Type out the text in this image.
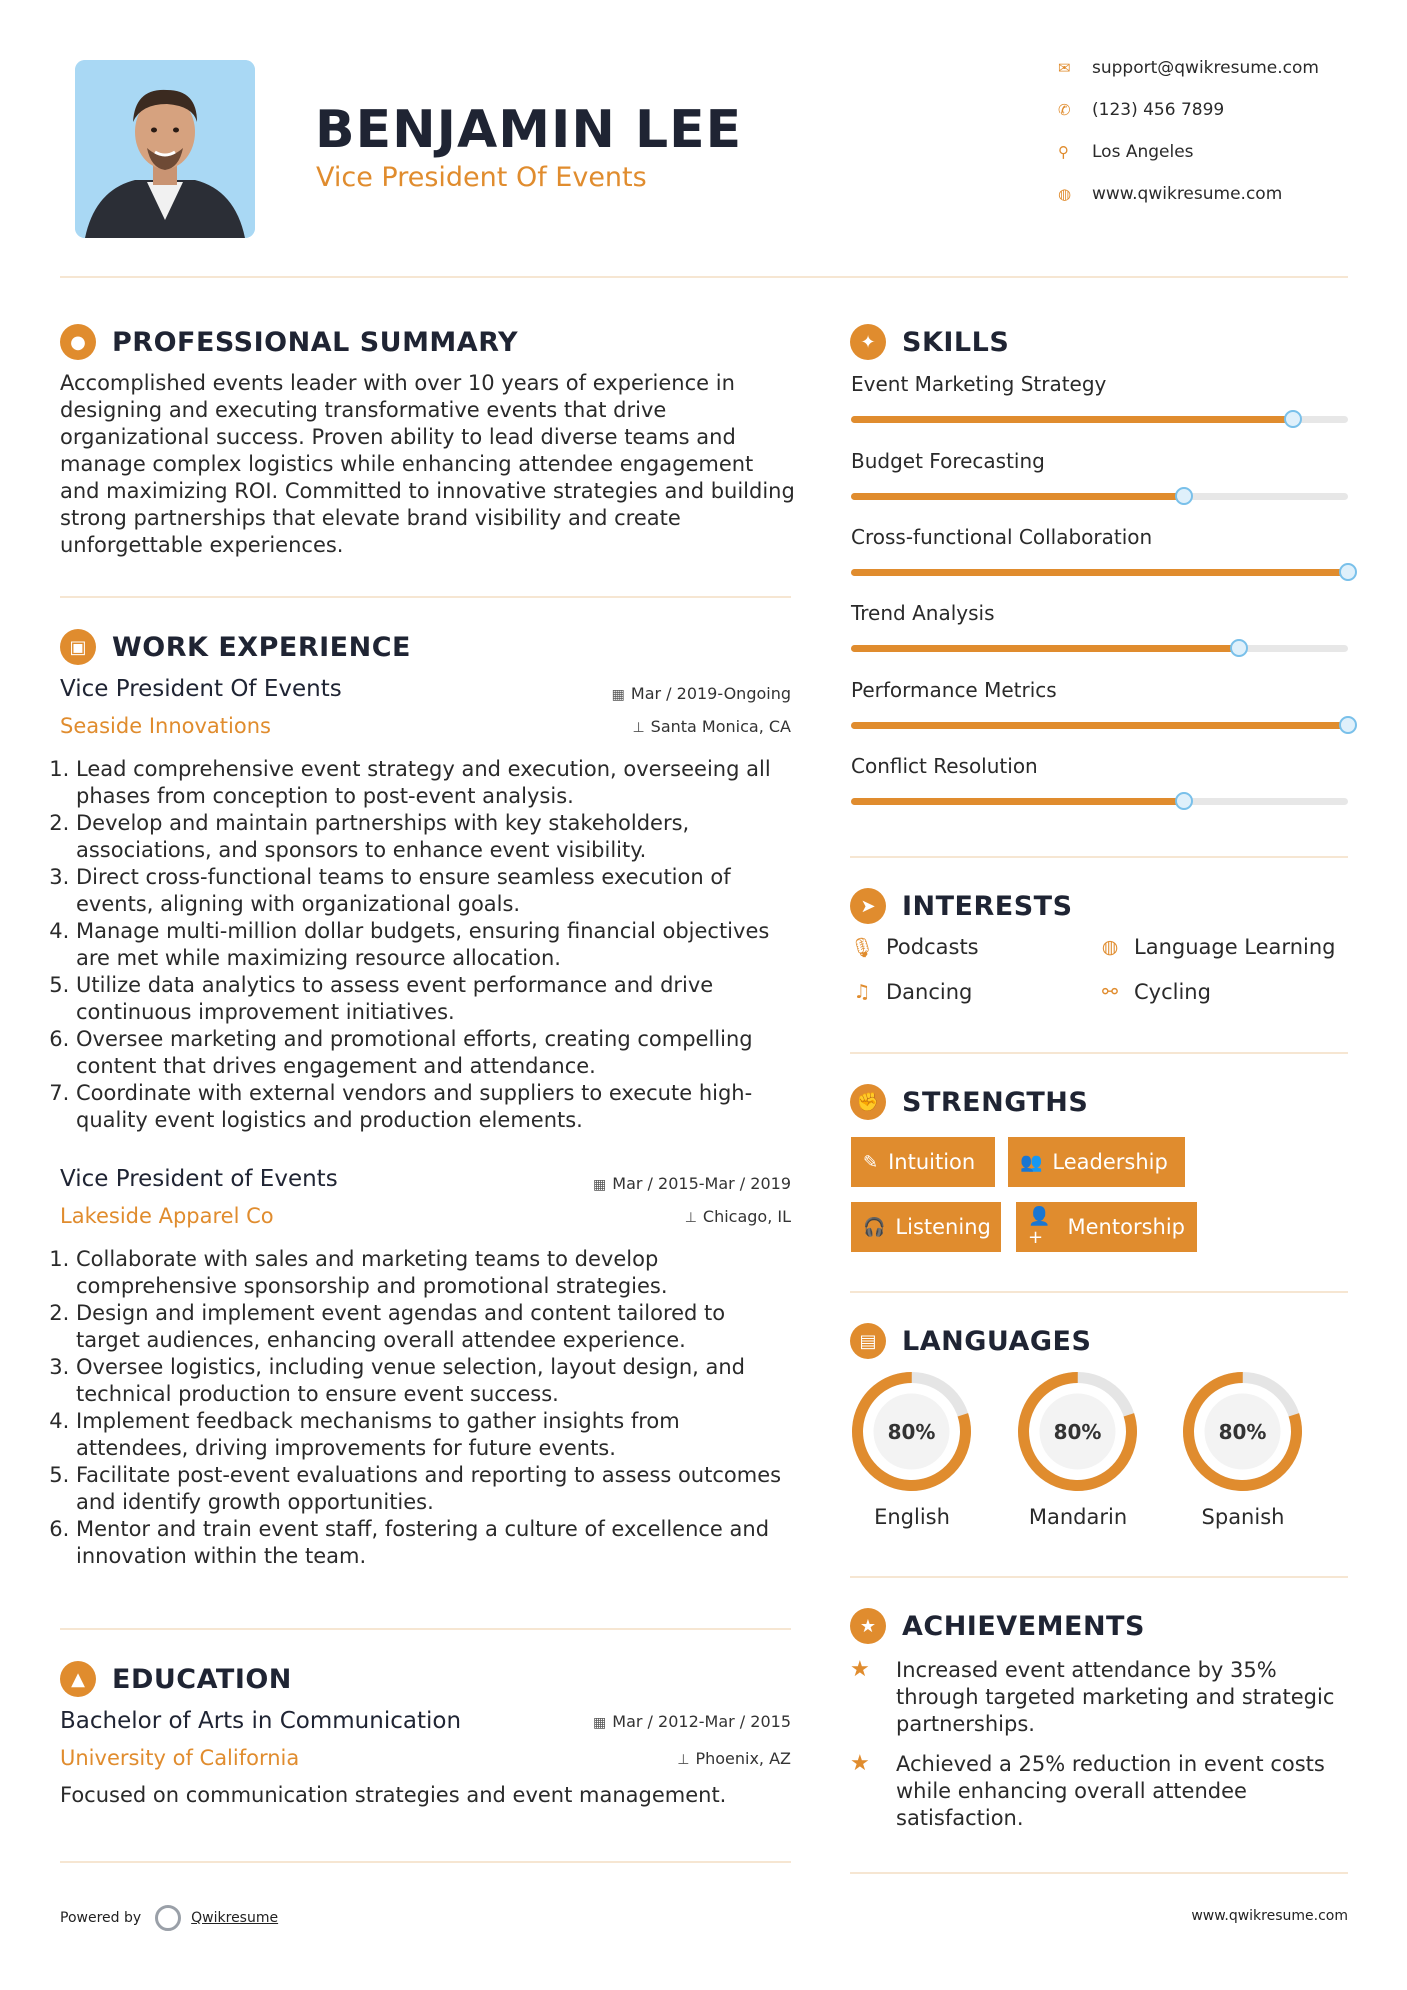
BENJAMIN LEE
Vice President Of Events
✉	support@qwikresume.com
✆	(123) 456 7899
⚲	Los Angeles
◍	www.qwikresume.com
● PROFESSIONAL SUMMARY
Accomplished events leader with over 10 years of experience in designing and executing transformative events that drive organizational success. Proven ability to lead diverse teams and manage complex logistics while enhancing attendee engagement and maximizing ROI. Committed to innovative strategies and building strong partnerships that elevate brand visibility and create unforgettable experiences.
▣ WORK EXPERIENCE
Vice President Of Events	▦ Mar / 2019-Ongoing
Seaside Innovations	⊥ Santa Monica, CA
1. Lead comprehensive event strategy and execution, overseeing all phases from conception to post-event analysis.
2. Develop and maintain partnerships with key stakeholders, associations, and sponsors to enhance event visibility.
3. Direct cross-functional teams to ensure seamless execution of events, aligning with organizational goals.
4. Manage multi-million dollar budgets, ensuring financial objectives are met while maximizing resource allocation.
5. Utilize data analytics to assess event performance and drive continuous improvement initiatives.
6. Oversee marketing and promotional efforts, creating compelling content that drives engagement and attendance.
7. Coordinate with external vendors and suppliers to execute high-quality event logistics and production elements.
Vice President of Events	▦ Mar / 2015-Mar / 2019
Lakeside Apparel Co	⊥ Chicago, IL
1. Collaborate with sales and marketing teams to develop comprehensive sponsorship and promotional strategies.
2. Design and implement event agendas and content tailored to target audiences, enhancing overall attendee experience.
3. Oversee logistics, including venue selection, layout design, and technical production to ensure event success.
4. Implement feedback mechanisms to gather insights from attendees, driving improvements for future events.
5. Facilitate post-event evaluations and reporting to assess outcomes and identify growth opportunities.
6. Mentor and train event staff, fostering a culture of excellence and innovation within the team.
▲	EDUCATION
Bachelor of Arts in Communication	▦ Mar / 2012-Mar / 2015
University of California	⊥ Phoenix, AZ
Focused on communication strategies and event management.
✦ SKILLS
Event Marketing Strategy
Budget Forecasting
Cross-functional Collaboration
Trend Analysis
Performance Metrics
Conflict Resolution
➤ INTERESTS
🎙 Podcasts	◍ Language Learning
♫ Dancing	⚯ Cycling
✊ STRENGTHS
✎ Intuition 👥 Leadership
🎧 Listening 👤+	Mentorship
▤ LANGUAGES
80%
English
80%
Mandarin
80%
Spanish
★ ACHIEVEMENTS
★	Increased event attendance by 35% through targeted marketing and strategic partnerships.
★	Achieved a 25% reduction in event costs while enhancing overall attendee satisfaction.
Powered by	Qwikresume	www.qwikresume.com
